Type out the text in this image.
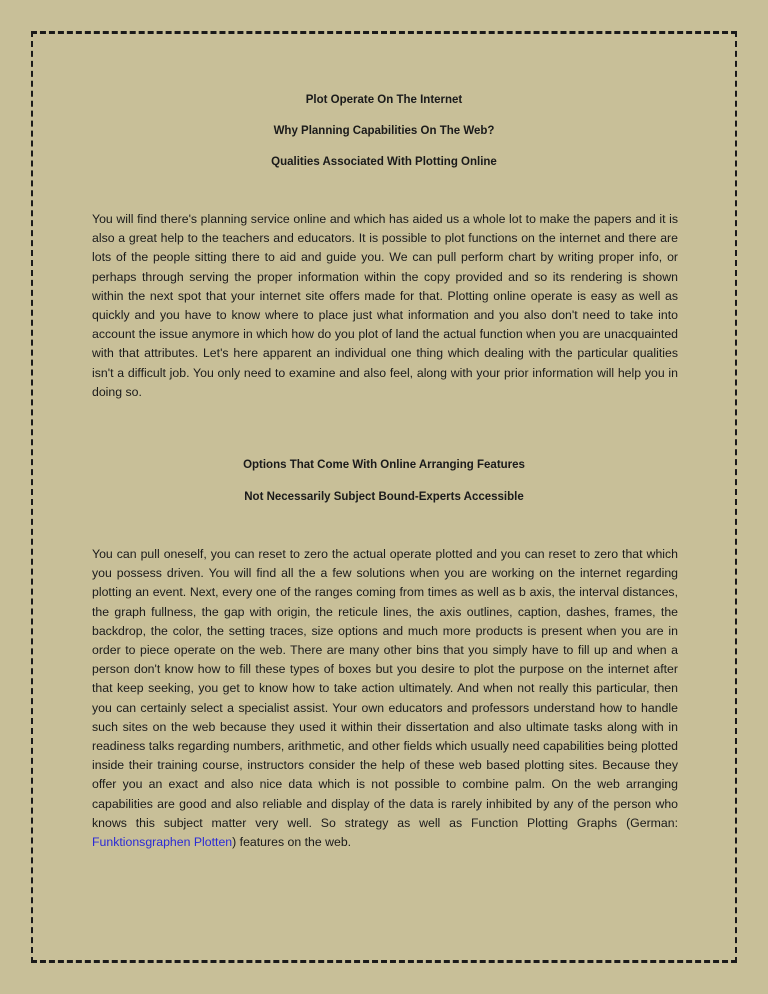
Plot Operate On The Internet
Why Planning Capabilities On The Web?
Qualities Associated With Plotting Online

You will find there's planning service online and which has aided us a whole lot to make the papers and it is also a great help to the teachers and educators. It is possible to plot functions on the internet and there are lots of the people sitting there to aid and guide you. We can pull perform chart by writing proper info, or perhaps through serving the proper information within the copy provided and so its rendering is shown within the next spot that your internet site offers made for that. Plotting online operate is easy as well as quickly and you have to know where to place just what information and you also don't need to take into account the issue anymore in which how do you plot of land the actual function when you are unacquainted with that attributes. Let's here apparent an individual one thing which dealing with the particular qualities isn't a difficult job. You only need to examine and also feel, along with your prior information will help you in doing so.

Options That Come With Online Arranging Features
Not Necessarily Subject Bound-Experts Accessible

You can pull oneself, you can reset to zero the actual operate plotted and you can reset to zero that which you possess driven. You will find all the a few solutions when you are working on the internet regarding plotting an event. Next, every one of the ranges coming from times as well as b axis, the interval distances, the graph fullness, the gap with origin, the reticule lines, the axis outlines, caption, dashes, frames, the backdrop, the color, the setting traces, size options and much more products is present when you are in order to piece operate on the web. There are many other bins that you simply have to fill up and when a person don't know how to fill these types of boxes but you desire to plot the purpose on the internet after that keep seeking, you get to know how to take action ultimately. And when not really this particular, then you can certainly select a specialist assist. Your own educators and professors understand how to handle such sites on the web because they used it within their dissertation and also ultimate tasks along with in readiness talks regarding numbers, arithmetic, and other fields which usually need capabilities being plotted inside their training course, instructors consider the help of these web based plotting sites. Because they offer you an exact and also nice data which is not possible to combine palm. On the web arranging capabilities are good and also reliable and display of the data is rarely inhibited by any of the person who knows this subject matter very well. So strategy as well as Function Plotting Graphs (German: Funktionsgraphen Plotten) features on the web.
